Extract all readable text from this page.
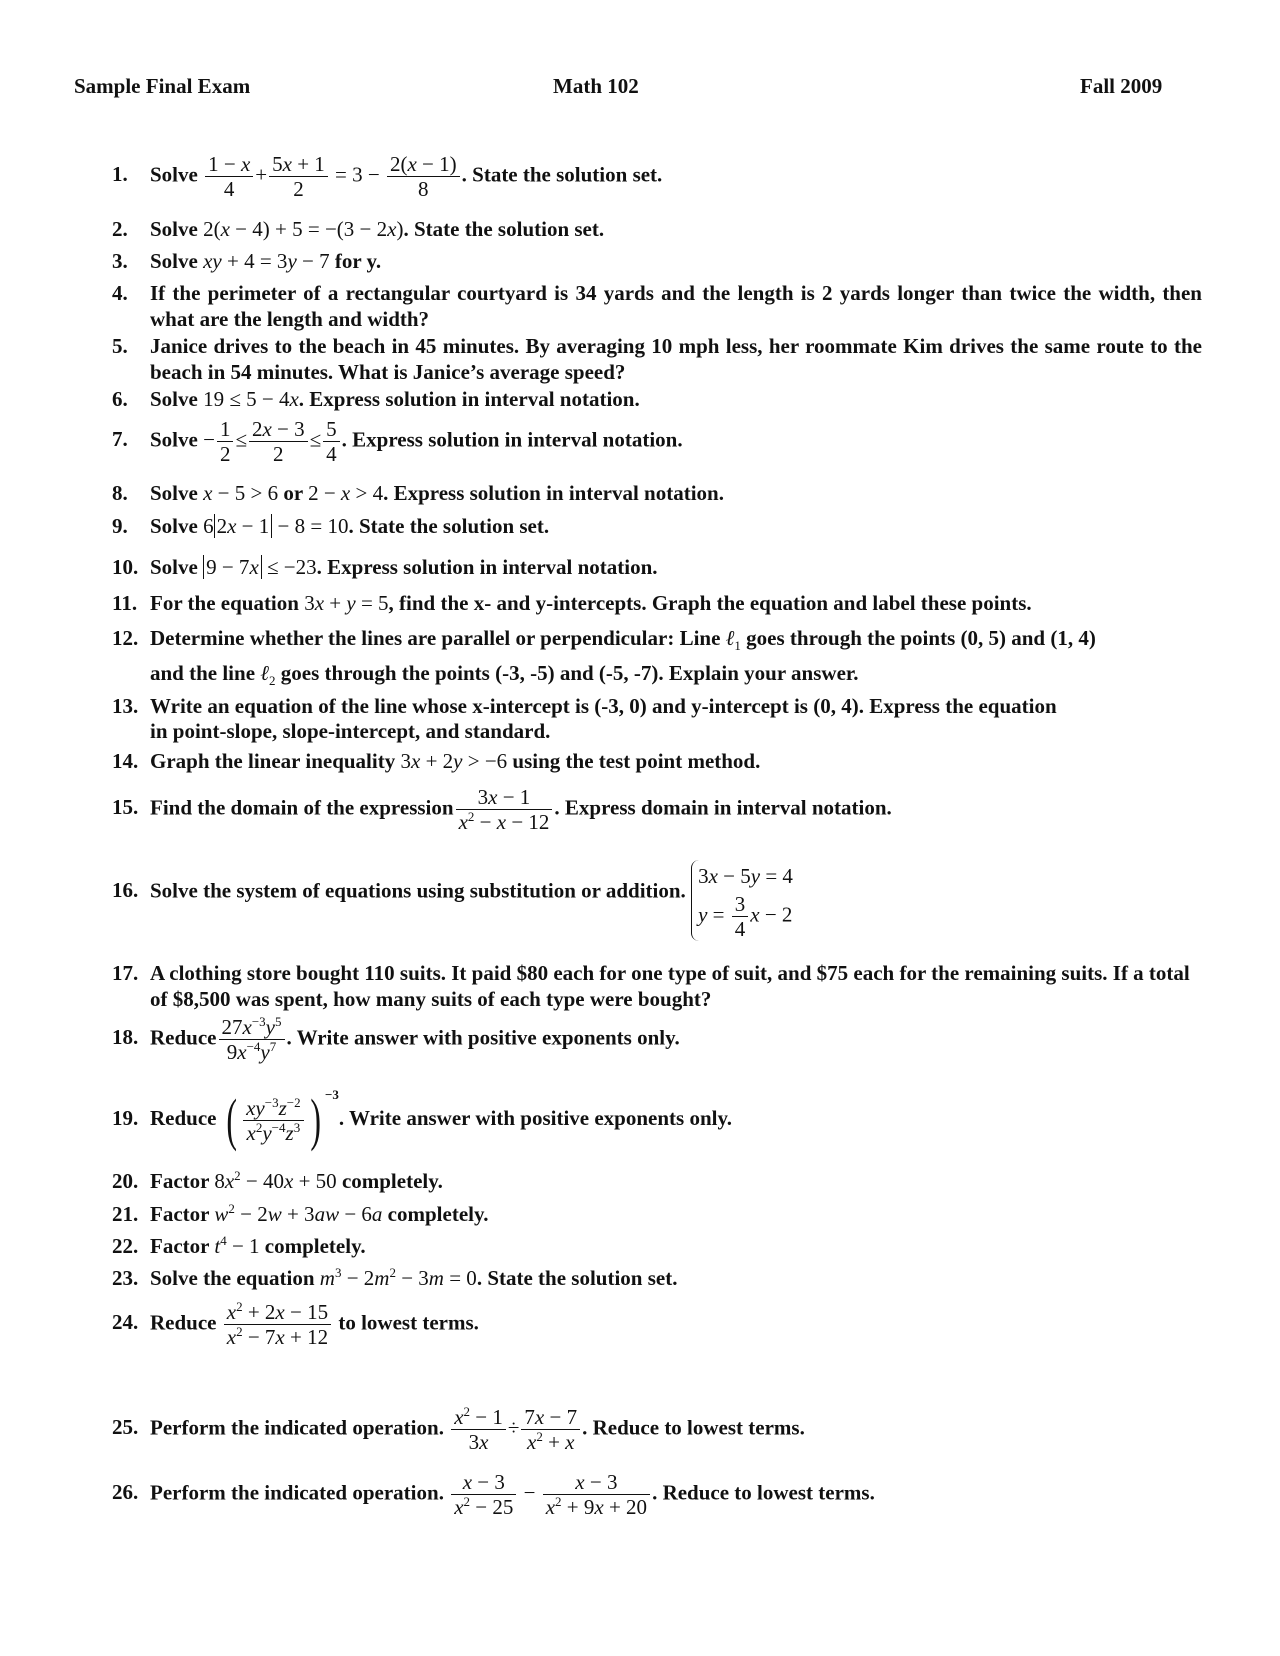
Sample Final Exam	Math 102	Fall 2009
1. Solve $\frac{1 - x}{4} + \frac{5x + 1}{2} = 3 - \frac{2(x - 1)}{8}$ . State the solution set.
2. Solve 2(x − 4) + 5 = −(3 − 2x). State the solution set.
3. Solve xy + 4 = 3y − 7 for y.
4.	If the perimeter of a rectangular courtyard is 34 yards and the length is 2 yards longer than twice the width, then what are the length and width?
5.	Janice drives to the beach in 45 minutes. By averaging 10 mph less, her roommate Kim drives the same route to the beach in 54 minutes. What is Janice’s average speed?
6. Solve 19 ≤ 5 − 4x. Express solution in interval notation.
7. Solve − $\frac{1}{2} \le \frac{2x - 3}{2} \le \frac{5}{4}$ . Express solution in interval notation.
8. Solve x − 5 > 6 or 2 − x > 4. Express solution in interval notation.
9. Solve 6 2x − 1 − 8 = 10. State the solution set.
10. Solve 9 − 7x ≤ −23. Express solution in interval notation.
11. For the equation 3x + y = 5, find the x- and y-intercepts. Graph the equation and label these points.
12. Determine whether the lines are parallel or perpendicular: Line ℓ$_1$ goes through the points (0, 5) and (1, 4)
and the line ℓ$_2$ goes through the points (-3, -5) and (-5, -7). Explain your answer.
13. Write an equation of the line whose x-intercept is (-3, 0) and y-intercept is (0, 4). Express the equation
in point-slope, slope-intercept, and standard.
14. Graph the linear inequality 3x + 2y > −6 using the test point method.
15. Find the domain of the expression $\frac{3x - 1}{x^2 - x - 12}$ . Express domain in interval notation.
16. Solve the system of equations using substitution or addition.
3x − 5y = 4
$y = \frac{3}{4}$ x − 2
17. A clothing store bought 110 suits. It paid $80 each for one type of suit, and $75 each for the remaining suits. If a total of $8,500 was spent, how many suits of each type were bought?
18. Reduce $\frac{27x^{-3}y^5}{9x^{-4}y^7}$ . Write answer with positive exponents only.
19. Reduce ( $\frac{xy^{-3}z^{-2}}{x^2y^{-4}z^3}$ ) $^{-3}$. Write answer with positive exponents only.
20. Factor $8x^2 - 40x + 50$ completely.
21. Factor $w^2 - 2w + 3aw - 6a$ completely.
22. Factor $t^4 - 1$ completely.
23. Solve the equation $m^3 - 2m^2 - 3m = 0$. State the solution set.
24. Reduce $\frac{x^2 + 2x - 15}{x^2 - 7x + 12}$ to lowest terms.
25. Perform the indicated operation. $\frac{x^2 - 1}{3x} \div \frac{7x - 7}{x^2 + x}$ . Reduce to lowest terms.
26. Perform the indicated operation. $\frac{x - 3}{x^2 - 25} - \frac{x - 3}{x^2 + 9x + 20}$ . Reduce to lowest terms.
